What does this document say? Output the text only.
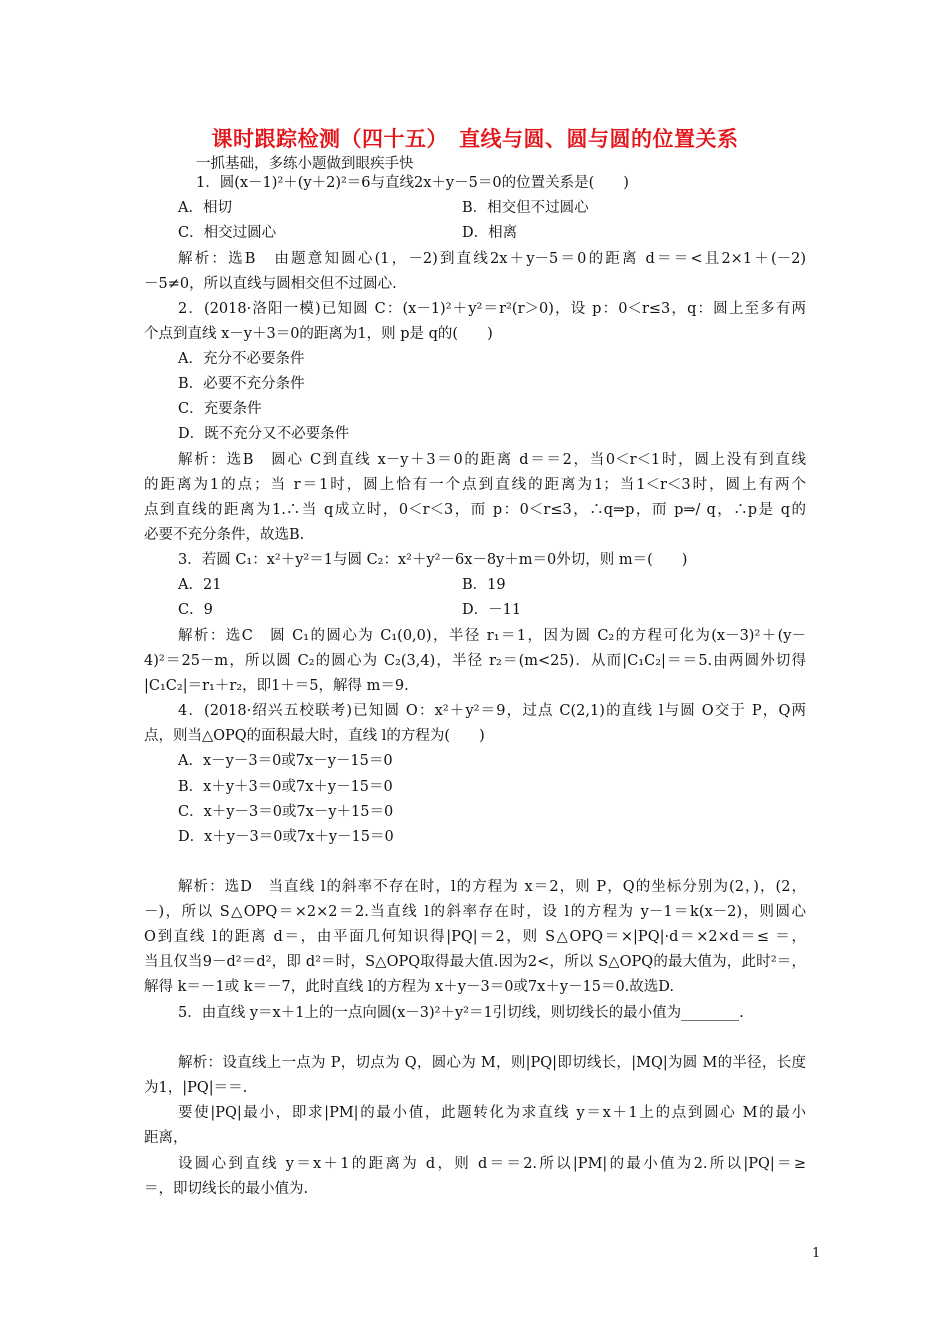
课时跟踪检测（四十五）　直线与圆、圆与圆的位置关系
一抓基础，多练小题做到眼疾手快
1．圆(x－1)²＋(y＋2)²＝6与直线2x＋y－5＝0的位置关系是(　　)
A．相切	B．相交但不过圆心
C．相交过圆心	D．相离
解析：选B　由题意知圆心(1，－2)到直线2x＋y－5＝0的距离 d＝＝<且2×1＋(－2)
－5≠0，所以直线与圆相交但不过圆心.
2．(2018·洛阳一模)已知圆 C：(x－1)²＋y²＝r²(r＞0)，设 p：0＜r≤3，q：圆上至多有两
个点到直线 x－y＋3＝0的距离为1，则 p是 q的(　　)
A．充分不必要条件
B．必要不充分条件
C．充要条件
D．既不充分又不必要条件
解析：选B　圆心 C到直线 x－y＋3＝0的距离 d＝＝2，当0＜r＜1时，圆上没有到直线
的距离为1的点；当 r＝1时，圆上恰有一个点到直线的距离为1；当1＜r＜3时，圆上有两个
点到直线的距离为1.∴当 q成立时，0＜r＜3，而 p：0＜r≤3，∴q⇒p，而 p⇒/ q，∴p是 q的
必要不充分条件，故选B.
3．若圆 C₁：x²＋y²＝1与圆 C₂：x²＋y²－6x－8y＋m＝0外切，则 m＝(　　)
A．21	B．19
C．9	D．－11
解析：选C　圆 C₁的圆心为 C₁(0,0)，半径 r₁＝1，因为圆 C₂的方程可化为(x－3)²＋(y－
4)²＝25－m，所以圆 C₂的圆心为 C₂(3,4)，半径 r₂＝(m<25)．从而|C₁C₂|＝＝5.由两圆外切得
|C₁C₂|＝r₁＋r₂，即1＋＝5，解得 m＝9.
4．(2018·绍兴五校联考)已知圆 O：x²＋y²＝9，过点 C(2,1)的直线 l与圆 O交于 P，Q两
点，则当△OPQ的面积最大时，直线 l的方程为(　　)
A．x－y－3＝0或7x－y－15＝0
B．x＋y＋3＝0或7x＋y－15＝0
C．x＋y－3＝0或7x－y＋15＝0
D．x＋y－3＝0或7x＋y－15＝0
解析：选D　当直线 l的斜率不存在时，l的方程为 x＝2，则 P，Q的坐标分别为(2，)，(2，
－)，所以 S△OPQ＝×2×2＝2.当直线 l的斜率存在时，设 l的方程为 y－1＝k(x－2)，则圆心
O到直线 l的距离 d＝，由平面几何知识得|PQ|＝2，则 S△OPQ＝×|PQ|·d＝×2×d＝≤ ＝，
当且仅当9－d²＝d²，即 d²＝时，S△OPQ取得最大值.因为2<，所以 S△OPQ的最大值为，此时²＝，
解得 k＝－1或 k＝－7，此时直线 l的方程为 x＋y－3＝0或7x＋y－15＝0.故选D.
5．由直线 y＝x＋1上的一点向圆(x－3)²＋y²＝1引切线，则切线长的最小值为________.
解析：设直线上一点为 P，切点为 Q，圆心为 M，则|PQ|即切线长，|MQ|为圆 M的半径，长度
为1，|PQ|＝＝.
要使|PQ|最小，即求|PM|的最小值，此题转化为求直线 y＝x＋1上的点到圆心 M的最小
距离，
设圆心到直线 y＝x＋1的距离为 d，则 d＝＝2.所以|PM|的最小值为2.所以|PQ|＝≥
＝，即切线长的最小值为.
1
